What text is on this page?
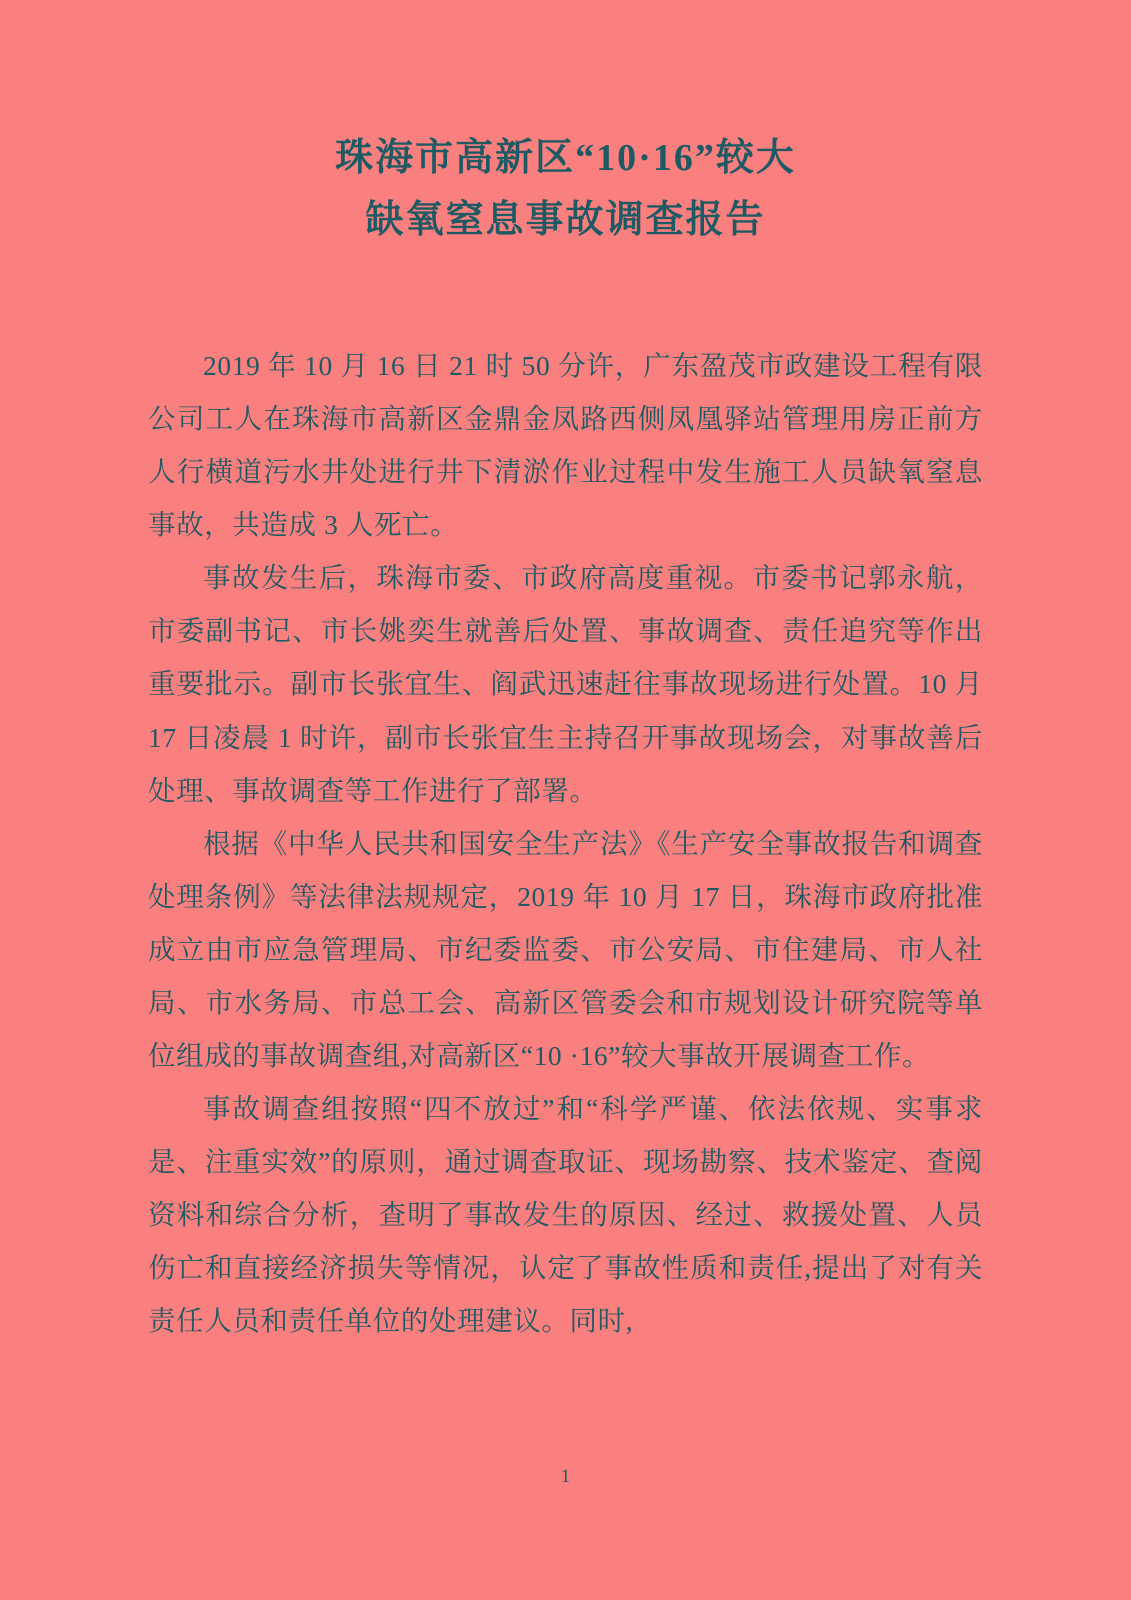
珠海市高新区“10·16”较大
缺氧窒息事故调查报告

2019 年 10 月 16 日 21 时 50 分许，广东盈茂市政建设工程有限公司工人在珠海市高新区金鼎金凤路西侧凤凰驿站管理用房正前方人行横道污水井处进行井下清淤作业过程中发生施工人员缺氧窒息事故，共造成 3 人死亡。

事故发生后，珠海市委、市政府高度重视。市委书记郭永航，市委副书记、市长姚奕生就善后处置、事故调查、责任追究等作出重要批示。副市长张宜生、阎武迅速赶往事故现场进行处置。10 月 17 日凌晨 1 时许，副市长张宜生主持召开事故现场会，对事故善后处理、事故调查等工作进行了部署。

根据《中华人民共和国安全生产法》《生产安全事故报告和调查处理条例》等法律法规规定，2019 年 10 月 17 日，珠海市政府批准成立由市应急管理局、市纪委监委、市公安局、市住建局、市人社局、市水务局、市总工会、高新区管委会和市规划设计研究院等单位组成的事故调查组,对高新区“10 ·16”较大事故开展调查工作。

事故调查组按照“四不放过”和“科学严谨、依法依规、实事求是、注重实效”的原则，通过调查取证、现场勘察、技术鉴定、查阅资料和综合分析，查明了事故发生的原因、经过、救援处置、人员伤亡和直接经济损失等情况，认定了事故性质和责任,提出了对有关责任人员和责任单位的处理建议。同时,

1
